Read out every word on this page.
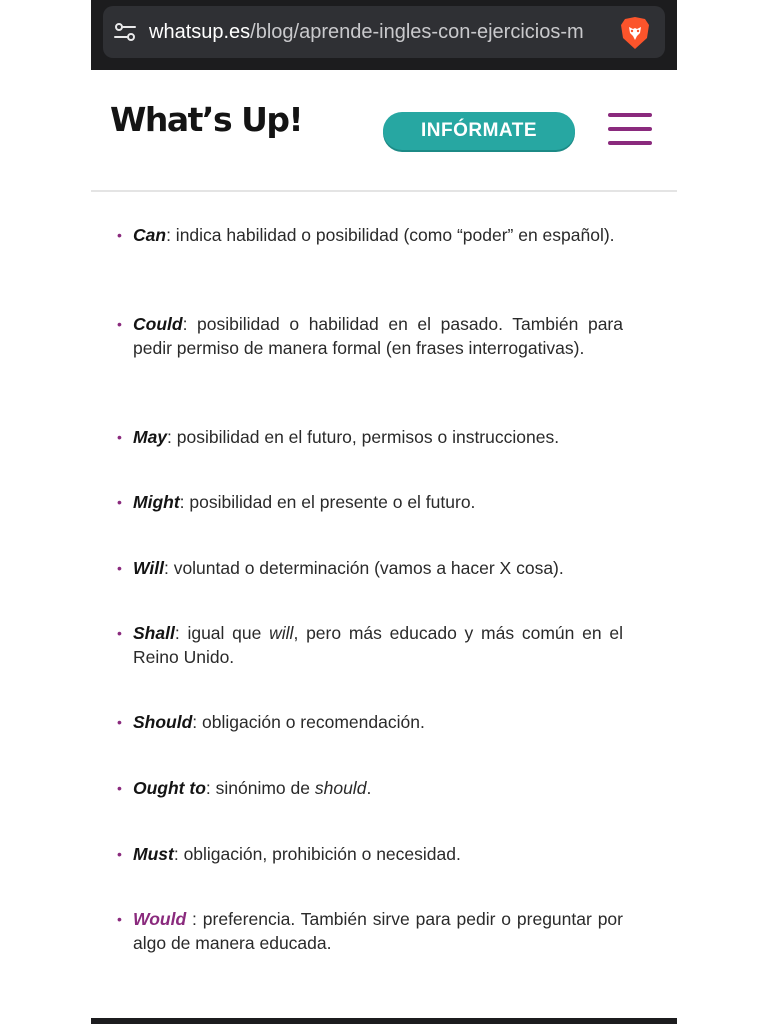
whatsup.es/blog/aprende-ingles-con-ejercicios-m
What’s Up!	INFÓRMATE
• Can: indica habilidad o posibilidad (como “poder” en español).
• Could: posibilidad o habilidad en el pasado. También para pedir permiso de manera formal (en frases interrogativas).
• May: posibilidad en el futuro, permisos o instrucciones.
• Might: posibilidad en el presente o el futuro.
• Will: voluntad o determinación (vamos a hacer X cosa).
• Shall: igual que will, pero más educado y más común en el Reino Unido.
• Should: obligación o recomendación.
• Ought to: sinónimo de should.
• Must: obligación, prohibición o necesidad.
• Would : preferencia. También sirve para pedir o preguntar por algo de manera educada.
